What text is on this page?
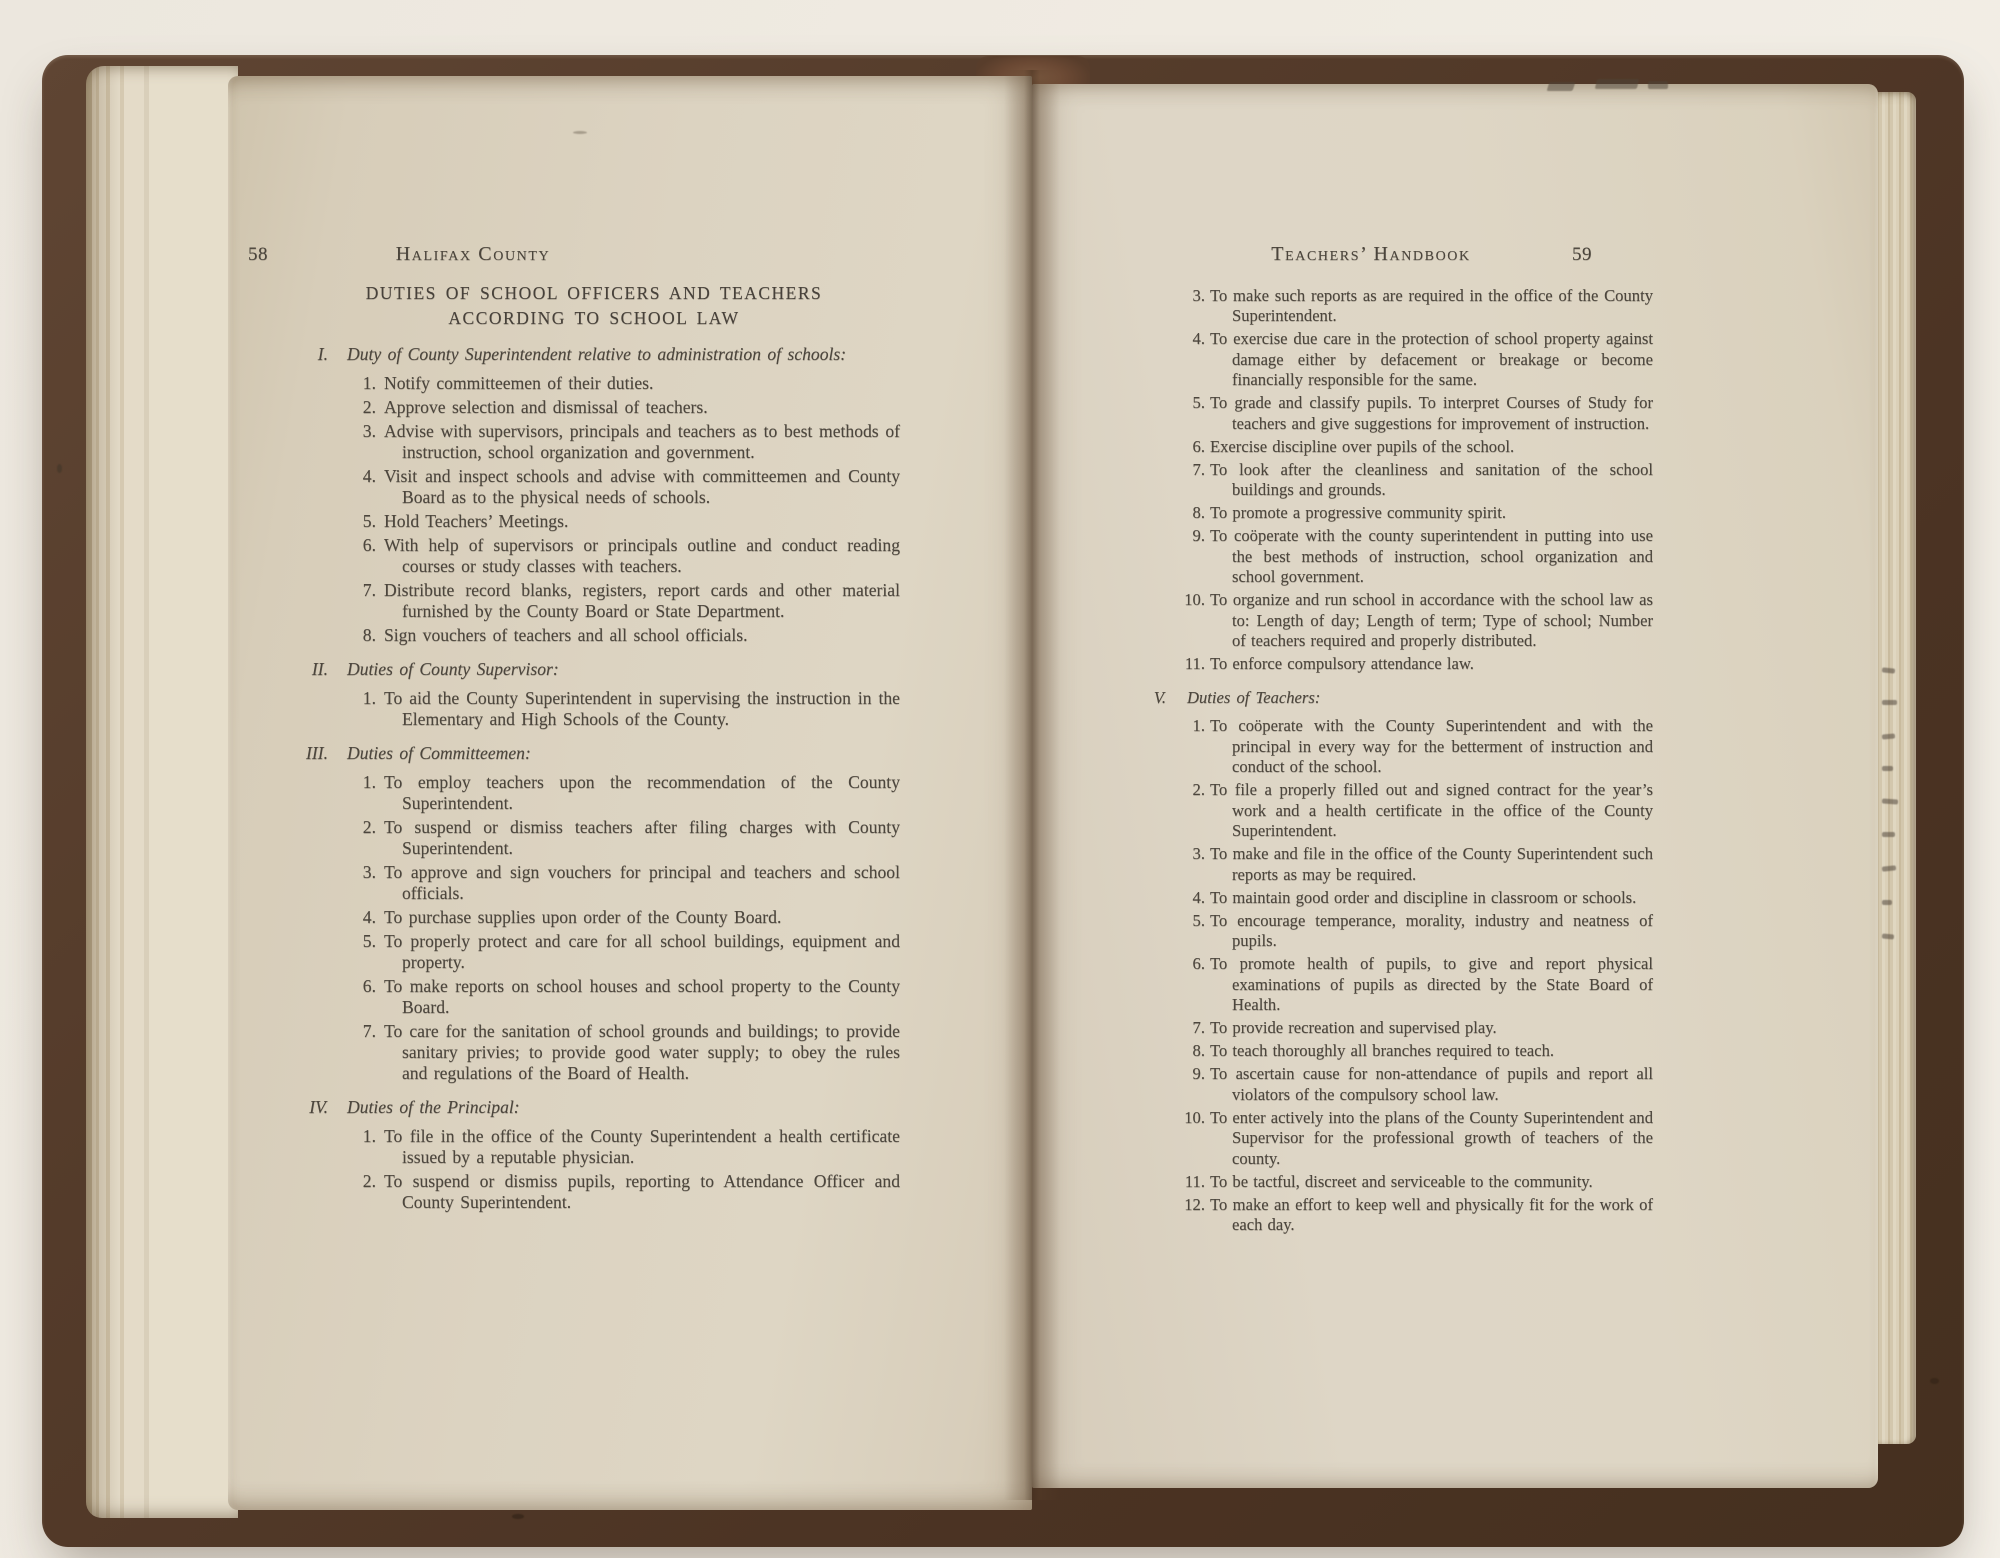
58	Halifax County	Teachers’ Handbook	59
DUTIES OF SCHOOL OFFICERS AND TEACHERS
ACCORDING TO SCHOOL LAW
I. Duty of County Superintendent relative to administration of schools:
1. Notify committeemen of their duties.
2. Approve selection and dismissal of teachers.
3. Advise with supervisors, principals and teachers as to best methods of instruction, school organization and government.
4. Visit and inspect schools and advise with committeemen and County Board as to the physical needs of schools.
5. Hold Teachers’ Meetings.
6. With help of supervisors or principals outline and conduct reading courses or study classes with teachers.
7. Distribute record blanks, registers, report cards and other material furnished by the County Board or State Department.
8. Sign vouchers of teachers and all school officials.
II. Duties of County Supervisor:
1. To aid the County Superintendent in supervising the instruction in the Elementary and High Schools of the County.
III. Duties of Committeemen:
1. To employ teachers upon the recommendation of the County Superintendent.
2. To suspend or dismiss teachers after filing charges with County Superintendent.
3. To approve and sign vouchers for principal and teachers and school officials.
4. To purchase supplies upon order of the County Board.
5. To properly protect and care for all school buildings, equipment and property.
6. To make reports on school houses and school property to the County Board.
7. To care for the sanitation of school grounds and buildings; to provide sanitary privies; to provide good water supply; to obey the rules and regulations of the Board of Health.
IV. Duties of the Principal:
1. To file in the office of the County Superintendent a health certificate issued by a reputable physician.
2. To suspend or dismiss pupils, reporting to Attendance Officer and County Superintendent.
3. To make such reports as are required in the office of the County Superintendent.
4. To exercise due care in the protection of school property against damage either by defacement or breakage or become financially responsible for the same.
5. To grade and classify pupils. To interpret Courses of Study for teachers and give suggestions for improvement of instruction.
6. Exercise discipline over pupils of the school.
7. To look after the cleanliness and sanitation of the school buildings and grounds.
8. To promote a progressive community spirit.
9. To coöperate with the county superintendent in putting into use the best methods of instruction, school organization and school government.
10. To organize and run school in accordance with the school law as to: Length of day; Length of term; Type of school; Number of teachers required and properly distributed.
11. To enforce compulsory attendance law.
V. Duties of Teachers:
1. To coöperate with the County Superintendent and with the principal in every way for the betterment of instruction and conduct of the school.
2. To file a properly filled out and signed contract for the year’s work and a health certificate in the office of the County Superintendent.
3. To make and file in the office of the County Superintendent such reports as may be required.
4. To maintain good order and discipline in classroom or schools.
5. To encourage temperance, morality, industry and neatness of pupils.
6. To promote health of pupils, to give and report physical examinations of pupils as directed by the State Board of Health.
7. To provide recreation and supervised play.
8. To teach thoroughly all branches required to teach.
9. To ascertain cause for non-attendance of pupils and report all violators of the compulsory school law.
10. To enter actively into the plans of the County Superintendent and Supervisor for the professional growth of teachers of the county.
11. To be tactful, discreet and serviceable to the community.
12. To make an effort to keep well and physically fit for the work of each day.
